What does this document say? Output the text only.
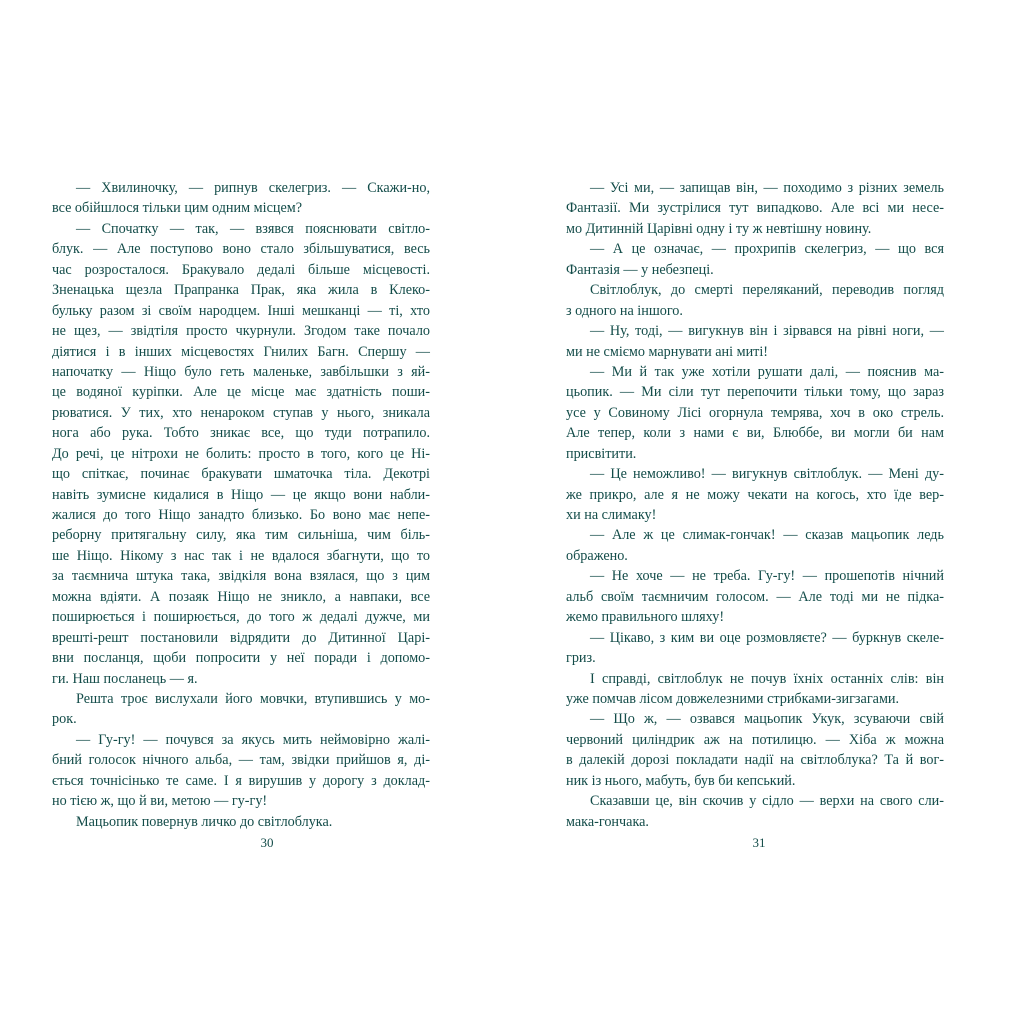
— Хвилиночку, — рипнув скелегриз. — Скажи-но,
все обійшлося тільки цим одним місцем?
— Спочатку — так, — взявся пояснювати світло-
блук. — Але поступово воно стало збільшуватися, весь
час розросталося. Бракувало дедалі більше місцевості.
Зненацька щезла Прапранка Прак, яка жила в Клеко-
бульку разом зі своїм народцем. Інші мешканці — ті, хто
не щез, — звідтіля просто чкурнули. Згодом таке почало
діятися і в інших місцевостях Гнилих Багн. Спершу —
напочатку — Ніщо було геть маленьке, завбільшки з яй-
це водяної курiпки. Але це місце має здатність поши-
рюватися. У тих, хто ненароком ступав у нього, зникала
нога або рука. Тобто зникає все, що туди потрапило.
До речі, це нітрохи не болить: просто в того, кого це Ні-
що спіткає, починає бракувати шматочка тіла. Декотрі
навіть зумисне кидалися в Ніщо — це якщо вони набли-
жалися до того Ніщо занадто близько. Бо воно має непе-
реборну притягальну силу, яка тим сильніша, чим біль-
ше Ніщо. Нікому з нас так і не вдалося збагнути, що то
за таємнича штука така, звідкіля вона взялася, що з цим
можна вдіяти. А позаяк Ніщо не зникло, а навпаки, все
поширюється і поширюється, до того ж дедалі дужче, ми
врешті-решт постановили відрядити до Дитинної Царі-
вни посланця, щоби попросити у неї поради і допомо-
ги. Наш посланець — я.
Решта троє вислухали його мовчки, втупившись у мо-
рок.
— Гу-гу! — почувся за якусь мить неймовірно жалі-
бний голосок нічного альба, — там, звідки прийшов я, ді-
ється точнісінько те саме. І я вирушив у дорогу з доклад-
но тією ж, що й ви, метою — гу-гу!
Мацьопик повернув личко до світлоблука.
— Усі ми, — запищав він, — походимо з різних земель
Фантазії. Ми зустрілися тут випадково. Але всі ми несе-
мо Дитинній Царівні одну і ту ж невтішну новину.
— А це означає, — прохрипів скелегриз, — що вся
Фантазія — у небезпеці.
Світлоблук, до смерті переляканий, переводив погляд
з одного на іншого.
— Ну, тоді, — вигукнув він і зірвався на рівні ноги, —
ми не сміємо марнувати ані миті!
— Ми й так уже хотіли рушати далі, — пояснив ма-
цьопик. — Ми сіли тут перепочити тільки тому, що зараз
усе у Совиному Лісі огорнула темрява, хоч в око стрель.
Але тепер, коли з нами є ви, Блюббе, ви могли би нам
присвітити.
— Це неможливо! — вигукнув світлоблук. — Мені ду-
же прикро, але я не можу чекати на когось, хто їде вер-
хи на слимаку!
— Але ж це слимак-гончак! — сказав мацьопик ледь
ображено.
— Не хоче — не треба. Гу-гу! — прошепотів нічний
альб своїм таємничим голосом. — Але тоді ми не підка-
жемо правильного шляху!
— Цікаво, з ким ви оце розмовляєте? — буркнув скеле-
гриз.
І справді, світлоблук не почув їхніх останніх слів: він
уже помчав лісом довжелезними стрибками-зигзагами.
— Що ж, — озвався мацьопик Укук, зсуваючи свій
червоний циліндрик аж на потилицю. — Хіба ж можна
в далекій дорозі покладати надії на світлоблука? Та й вог-
ник із нього, мабуть, був би кепський.
Сказавши це, він скочив у сідло — верхи на свого сли-
мака-гончака.
30	31
